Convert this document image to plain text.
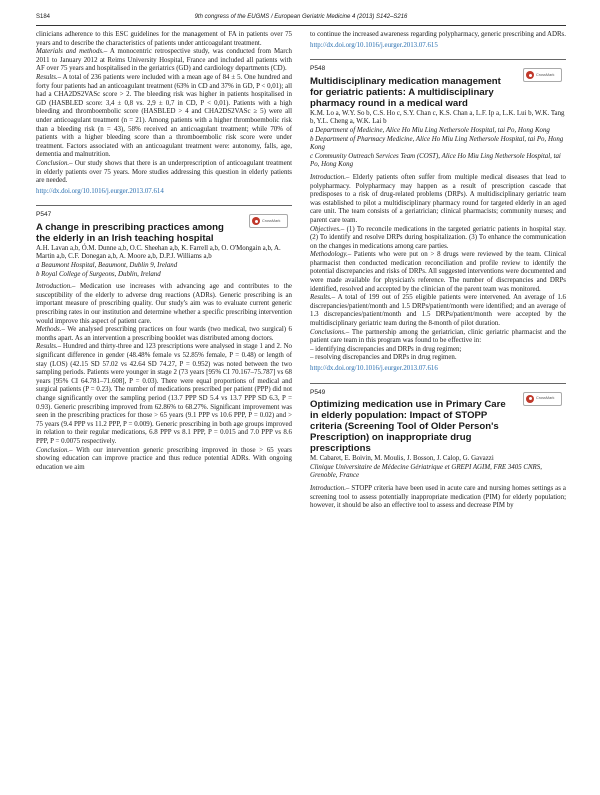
S184	9th congress of the EUGMS / European Geriatric Medicine 4 (2013) S142–S216

clinicians adherence to this ESC guidelines for the management of FA in patients over 75 years and to describe the characteristics of patients under anticoagulant treatment.

Materials and methods.– A monocentric retrospective study, was conducted from March 2011 to January 2012 at Reims University Hospital, France and included all patients with AF over 75 years and hospitalised in the geriatrics (GD) and cardiology departments (CD).

Results.– A total of 236 patients were included with a mean age of 84 ± 5. One hundred and forty four patients had an anticoagulant treatment (63% in CD and 37% in GD, P < 0,01); all had a CHA2DS2VASc score > 2. The bleeding risk was higher in patients hospitalised in GD (HASBLED score: 3,4 ± 0,8 vs. 2,9 ± 0,7 in CD, P < 0,01). Patients with a high bleeding and thromboembolic score (HASBLED > 4 and CHA2DS2VASc ≥ 5) were all under anticoagulant treatment (n = 21). Among patients with a higher thromboembolic risk than a bleeding risk (n = 43), 58% received an anticoagulant treatment; while 70% of patients with a higher bleeding score than a thromboembolic risk score were under treatment. Factors associated with an anticoagulant treatment were: autonomy, falls, age, dementia and malnutrition.

Conclusion.– Our study shows that there is an underprescription of anticoagulant treatment in elderly patients over 75 years. More studies addressing this question in elderly patients are needed.

http://dx.doi.org/10.1016/j.eurger.2013.07.614

P547

A change in prescribing practices among the elderly in an Irish teaching hospital

CrossMark

A.H. Lavan a,b, Ó.M. Dunne a,b, O.C. Sheehan a,b, K. Farrell a,b, O. O'Mongain a,b, A. Martin a,b, C.F. Donegan a,b, A. Moore a,b, D.P.J. Williams a,b

a Beaumont Hospital, Beaumont, Dublin 9, Ireland

b Royal College of Surgeons, Dublin, Ireland

Introduction.– Medication use increases with advancing age and contributes to the susceptibility of the elderly to adverse drug reactions (ADRs). Generic prescribing is an important measure of prescribing quality. Our study's aim was to evaluate current generic prescribing rates in our institution and determine whether a specific prescribing intervention would improve this aspect of patient care.

Methods.– We analysed prescribing practices on four wards (two medical, two surgical) 6 months apart. As an intervention a prescribing booklet was distributed among doctors.

Results.– Hundred and thirty-three and 123 prescriptions were analysed in stage 1 and 2. No significant difference in gender (48.48% female vs 52.85% female, P = 0.48) or length of stay (LOS) (42.15 SD 57.02 vs 42.64 SD 74.27, P = 0.952) was noted between the two sampling periods. Patients were younger in stage 2 (73 years [95% CI 70.167–75.787] vs 68 years [95% CI 64.781–71.608], P = 0.03). There were equal proportions of medical and surgical patients (P = 0.23). The number of medications prescribed per patient (PPP) did not change significantly over the sampling period (13.7 PPP SD 5.4 vs 13.7 PPP SD 6.3, P = 0.93). Generic prescribing improved from 62.86% to 68.27%. Significant improvement was seen in the prescribing practices for those > 65 years (9.1 PPP vs 10.6 PPP, P = 0.02) and > 75 years (9.4 PPP vs 11.2 PPP, P = 0.009). Generic prescribing in both age groups improved in relation to their regular medications, 6.8 PPP vs 8.1 PPP, P = 0.015 and 7.0 PPP vs 8.6 PPP, P = 0.0075 respectively.

Conclusion.– With our intervention generic prescribing improved in those > 65 years showing education can improve practice and thus reduce potential ADRs. With ongoing education we aim

to continue the increased awareness regarding polypharmacy, generic prescribing and ADRs.

http://dx.doi.org/10.1016/j.eurger.2013.07.615

P548

Multidisciplinary medication management for geriatric patients: A multidisciplinary pharmacy round in a medical ward

CrossMark

K.M. Lo a, W.Y. So b, C.S. Ho c, S.Y. Chan c, K.S. Chan a, L.F. Ip a, L.K. Lui b, W.K. Tang b, Y.L. Cheng a, W.K. Lai b

a Department of Medicine, Alice Ho Miu Ling Nethersole Hospital, tai Po, Hong Kong

b Department of Pharmacy Medicine, Alice Ho Miu Ling Nethersole Hospital, tai Po, Hong Kong

c Community Outreach Services Team (COST), Alice Ho Miu Ling Nethersole Hospital, tai Po, Hong Kong

Introduction.– Elderly patients often suffer from multiple medical diseases that lead to polypharmacy. Polypharmacy may happen as a result of prescription cascade that predisposes to a risk of drug-related problems (DRPs). A multidisciplinary geriatric team was established to pilot a multidisciplinary pharmacy round for targeted elderly in an aged care unit. The team consists of a geriatrician; clinical pharmacists; community nurses; and parent care team.

Objectives.– (1) To reconcile medications in the targeted geriatric patients in hospital stay. (2) To identify and resolve DRPs during hospitalization. (3) To enhance the communication on the changes in medications among care parties.

Methodology.– Patients who were put on > 8 drugs were reviewed by the team. Clinical pharmacist then conducted medication reconciliation and profile review to identify the potential discrepancies and risks of DRPs. All suggested interventions were documented and were made available for physician's reference. The number of discrepancies and DRPs identified, resolved and accepted by the clinician of the parent team was monitored.

Results.– A total of 199 out of 255 eligible patients were intervened. An average of 1.6 discrepancies/patient/month and 1.5 DRPs/patient/month were identified; and an average of 1.3 discrepancies/patient/month and 1.5 DRPs/patient/month were accepted by the multidisciplinary geriatric team during the 8-month of pilot duration.

Conclusions.– The partnership among the geriatrician, clinic geriatric pharmacist and the patient care team in this program was found to be effective in:

– identifying discrepancies and DRPs in drug regimen;

– resolving discrepancies and DRPs in drug regimen.

http://dx.doi.org/10.1016/j.eurger.2013.07.616

P549

Optimizing medication use in Primary Care in elderly population: Impact of STOPP criteria (Screening Tool of Older Person's Prescription) on inappropriate drug prescriptions

CrossMark

M. Cabaret, E. Boivin, M. Moulis, J. Bosson, J. Calop, G. Gavazzi

Clinique Universitaire de Médecine Gériatrique et GREPI AGIM, FRE 3405 CNRS, Grenoble, France

Introduction.– STOPP criteria have been used in acute care and nursing homes settings as a screening tool to assess potentially inappropriate medication (PIM) for elderly population; however, it should be also an effective tool to assess and decrease PIM by
